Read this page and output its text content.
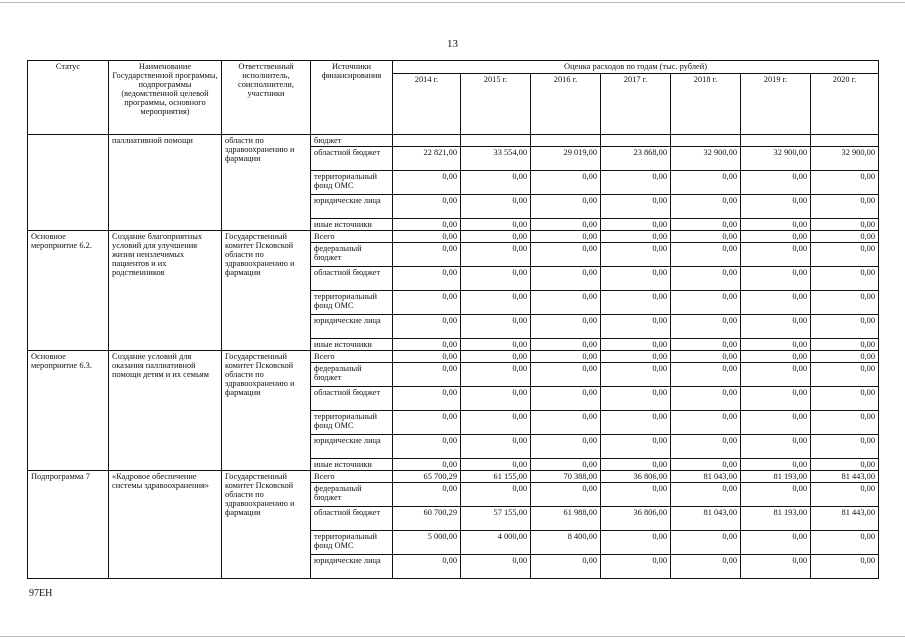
13
Статус	Наименование Государственной программы, подпрограммы (ведомственной целевой программы, основного мероприятия)	Ответственный исполнитель, соисполнители, участники	Источники финансирования	Оценка расходов по годам (тыс. рублей)						
				2014 г.	2015 г.	2016 г.	2017 г.	2018 г.	2019 г.	2020 г.
	паллиативной помощи	области по здравоохранению и фармации	бюджет							
			областной бюджет	22 821,00	33 554,00	29 019,00	23 868,00	32 900,00	32 900,00	32 900,00
			территориальный фонд ОМС	0,00	0,00	0,00	0,00	0,00	0,00	0,00
			юридические лица	0,00	0,00	0,00	0,00	0,00	0,00	0,00
			иные источники	0,00	0,00	0,00	0,00	0,00	0,00	0,00
Основное мероприятие 6.2.	Создание благоприятных условий для улучшения жизни неизлечимых пациентов и их родственников	Государственный комитет Псковской области по здравоохранению и фармации	Всего	0,00	0,00	0,00	0,00	0,00	0,00	0,00
			федеральный бюджет	0,00	0,00	0,00	0,00	0,00	0,00	0,00
			областной бюджет	0,00	0,00	0,00	0,00	0,00	0,00	0,00
			территориальный фонд ОМС	0,00	0,00	0,00	0,00	0,00	0,00	0,00
			юридические лица	0,00	0,00	0,00	0,00	0,00	0,00	0,00
			иные источники	0,00	0,00	0,00	0,00	0,00	0,00	0,00
Основное мероприятие 6.3.	Создание условий для оказания паллиативной помощи детям и их семьям	Государственный комитет Псковской области по здравоохранению и фармации	Всего	0,00	0,00	0,00	0,00	0,00	0,00	0,00
			федеральный бюджет	0,00	0,00	0,00	0,00	0,00	0,00	0,00
			областной бюджет	0,00	0,00	0,00	0,00	0,00	0,00	0,00
			территориальный фонд ОМС	0,00	0,00	0,00	0,00	0,00	0,00	0,00
			юридические лица	0,00	0,00	0,00	0,00	0,00	0,00	0,00
			иные источники	0,00	0,00	0,00	0,00	0,00	0,00	0,00
Подпрограмма 7	«Кадровое обеспечение системы здравоохранения»	Государственный комитет Псковской области по здравоохранению и фармации	Всего	65 700,29	61 155,00	70 388,00	36 806,00	81 043,00	81 193,00	81 443,00
			федеральный бюджет	0,00	0,00	0,00	0,00	0,00	0,00	0,00
			областной бюджет	60 700,29	57 155,00	61 988,00	36 806,00	81 043,00	81 193,00	81 443,00
			территориальный фонд ОМС	5 000,00	4 000,00	8 400,00	0,00	0,00	0,00	0,00
			юридические лица	0,00	0,00	0,00	0,00	0,00	0,00	0,00
97ЕН
